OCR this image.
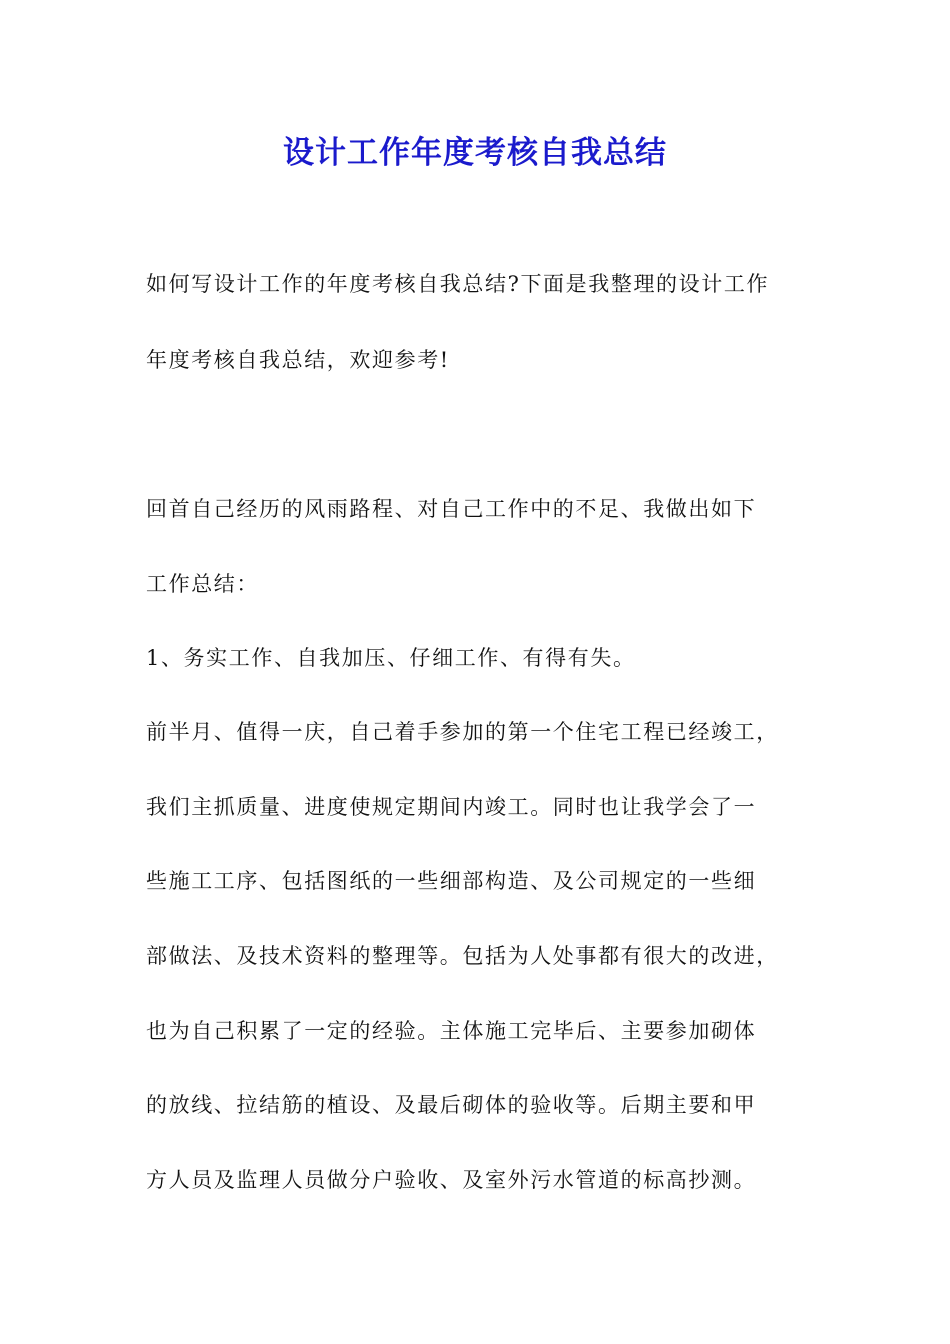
设计工作年度考核自我总结

如何写设计工作的年度考核自我总结?下面是我整理的设计工作

年度考核自我总结，欢迎参考!

回首自己经历的风雨路程、对自己工作中的不足、我做出如下

工作总结：

1、务实工作、自我加压、仔细工作、有得有失。

前半月、值得一庆，自己着手参加的第一个住宅工程已经竣工，

我们主抓质量、进度使规定期间内竣工。同时也让我学会了一

些施工工序、包括图纸的一些细部构造、及公司规定的一些细

部做法、及技术资料的整理等。包括为人处事都有很大的改进，

也为自己积累了一定的经验。主体施工完毕后、主要参加砌体

的放线、拉结筋的植设、及最后砌体的验收等。后期主要和甲

方人员及监理人员做分户验收、及室外污水管道的标高抄测。
